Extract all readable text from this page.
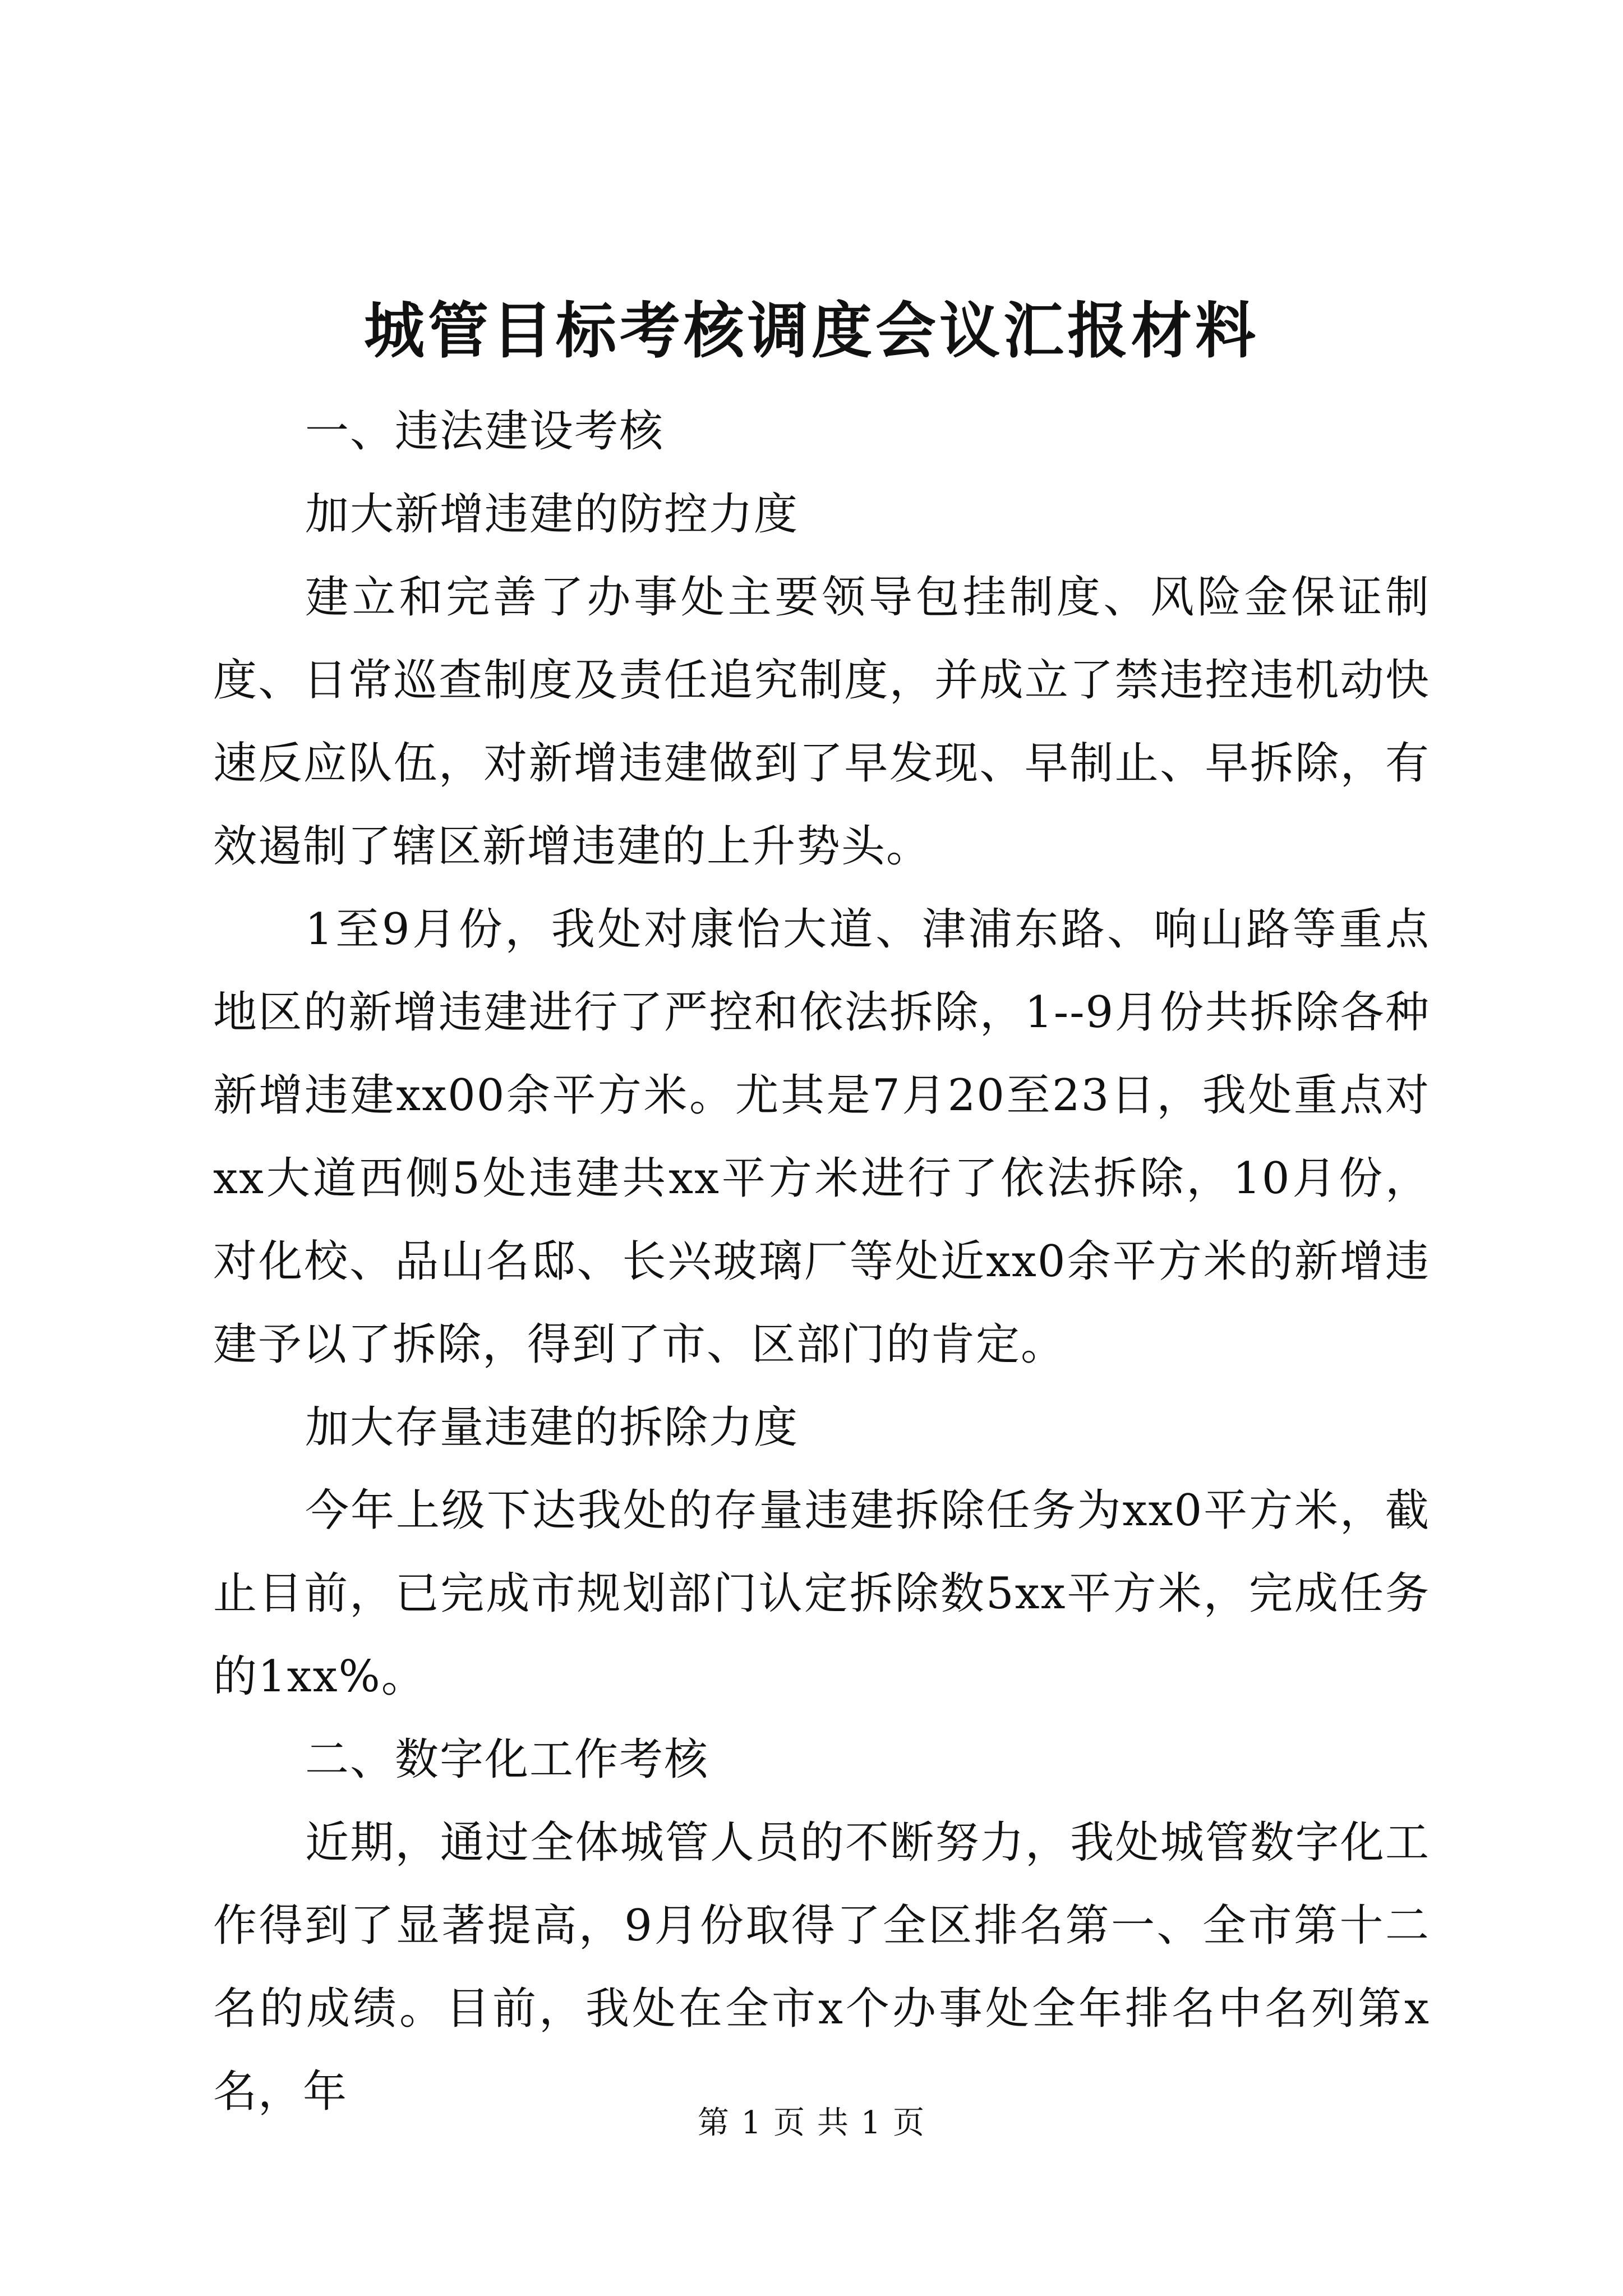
城管目标考核调度会议汇报材料

一、违法建设考核

加大新增违建的防控力度

建立和完善了办事处主要领导包挂制度、风险金保证制度、日常巡查制度及责任追究制度，并成立了禁违控违机动快速反应队伍，对新增违建做到了早发现、早制止、早拆除，有效遏制了辖区新增违建的上升势头。

1至9月份，我处对康怡大道、津浦东路、响山路等重点地区的新增违建进行了严控和依法拆除，1--9月份共拆除各种新增违建xx00余平方米。尤其是7月20至23日，我处重点对xx大道西侧5处违建共xx平方米进行了依法拆除，10月份，对化校、品山名邸、长兴玻璃厂等处近xx0余平方米的新增违建予以了拆除，得到了市、区部门的肯定。

加大存量违建的拆除力度

今年上级下达我处的存量违建拆除任务为xx0平方米，截止目前，已完成市规划部门认定拆除数5xx平方米，完成任务的1xx%。

二、数字化工作考核

近期，通过全体城管人员的不断努力，我处城管数字化工作得到了显著提高，9月份取得了全区排名第一、全市第十二名的成绩。目前，我处在全市x个办事处全年排名中名列第x名，年

第 1 页 共 1 页
